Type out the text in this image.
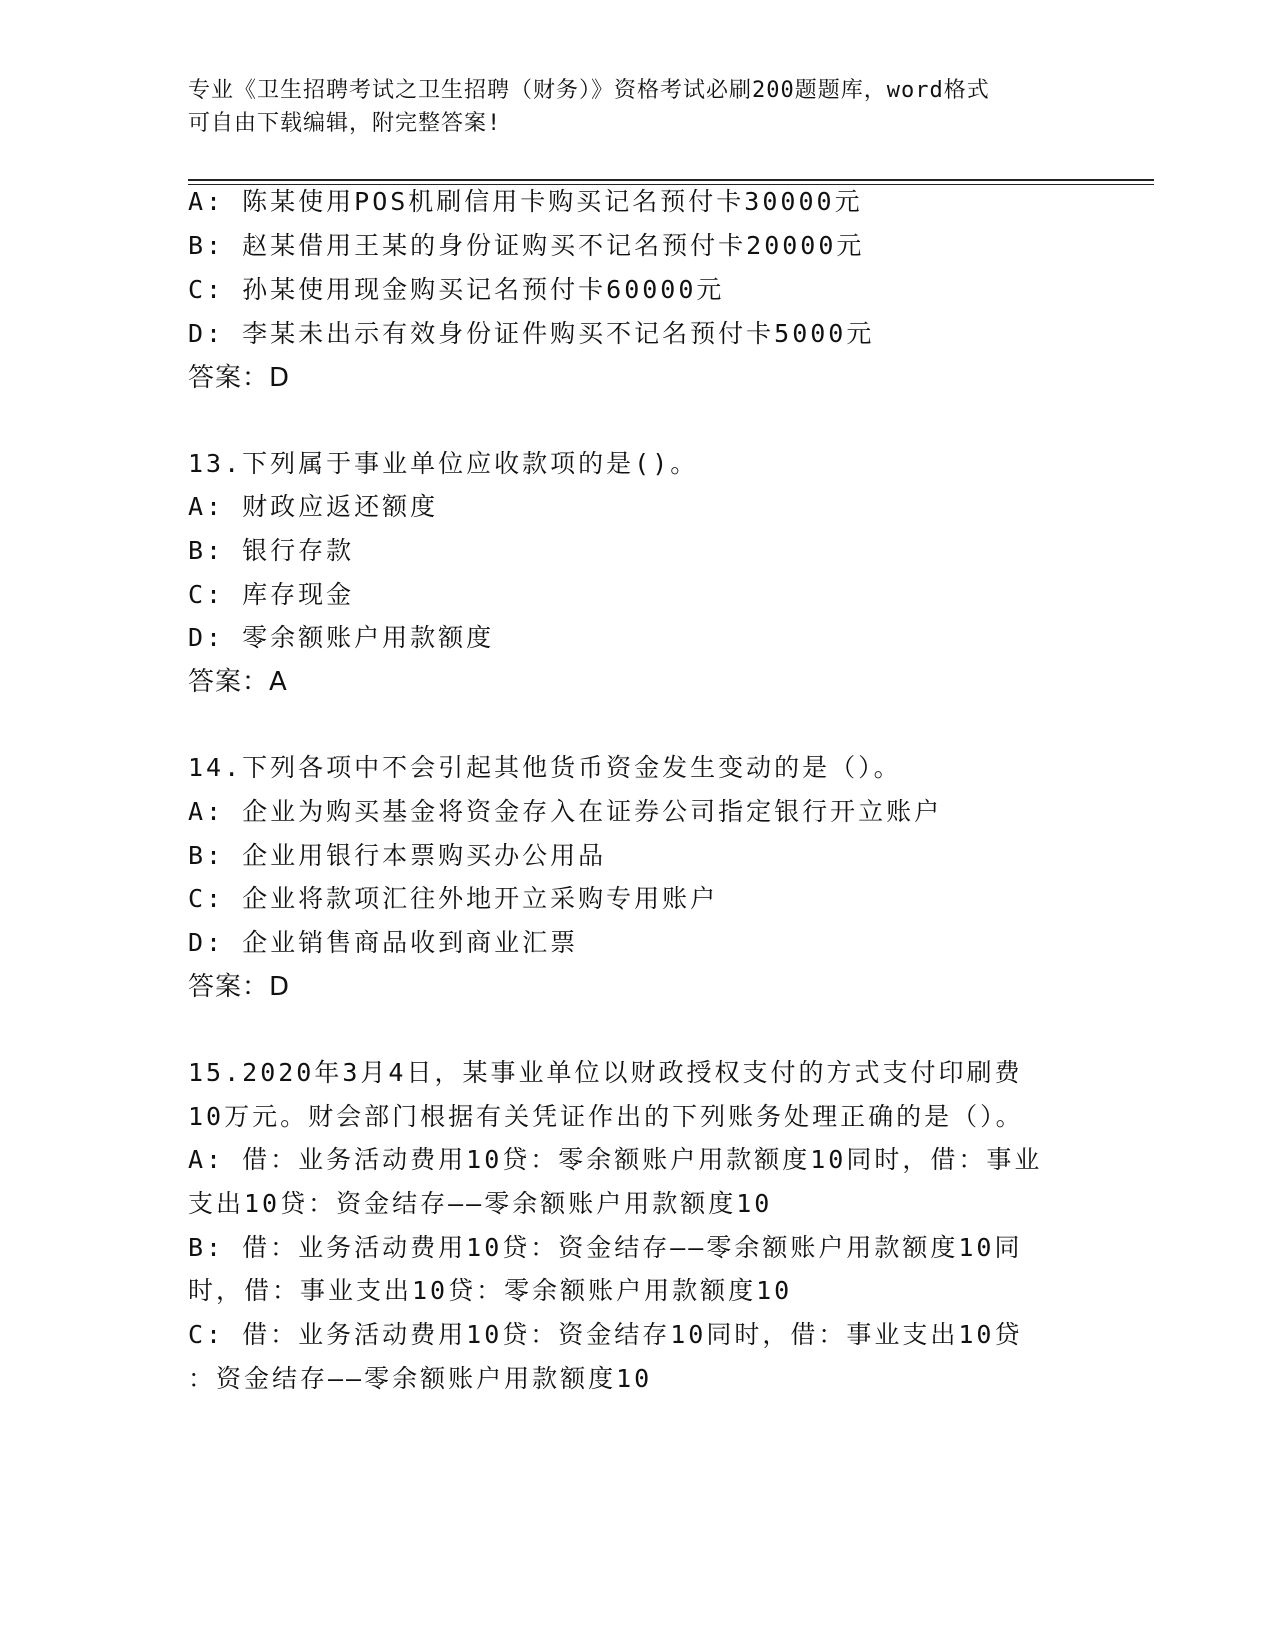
专业《卫生招聘考试之卫生招聘（财务）》资格考试必刷200题题库，word格式
可自由下载编辑，附完整答案!
A: 陈某使用POS机刷信用卡购买记名预付卡30000元
B: 赵某借用王某的身份证购买不记名预付卡20000元
C: 孙某使用现金购买记名预付卡60000元
D: 李某未出示有效身份证件购买不记名预付卡5000元
答案：D
13.下列属于事业单位应收款项的是()。
A: 财政应返还额度
B: 银行存款
C: 库存现金
D: 零余额账户用款额度
答案：A
14.下列各项中不会引起其他货币资金发生变动的是（）。
A: 企业为购买基金将资金存入在证券公司指定银行开立账户
B: 企业用银行本票购买办公用品
C: 企业将款项汇往外地开立采购专用账户
D: 企业销售商品收到商业汇票
答案：D
15.2020年3月4日，某事业单位以财政授权支付的方式支付印刷费
10万元。财会部门根据有关凭证作出的下列账务处理正确的是（）。
A: 借：业务活动费用10贷：零余额账户用款额度10同时，借：事业
支出10贷：资金结存——零余额账户用款额度10
B: 借：业务活动费用10贷：资金结存——零余额账户用款额度10同
时，借：事业支出10贷：零余额账户用款额度10
C: 借：业务活动费用10贷：资金结存10同时，借：事业支出10贷
：资金结存——零余额账户用款额度10
